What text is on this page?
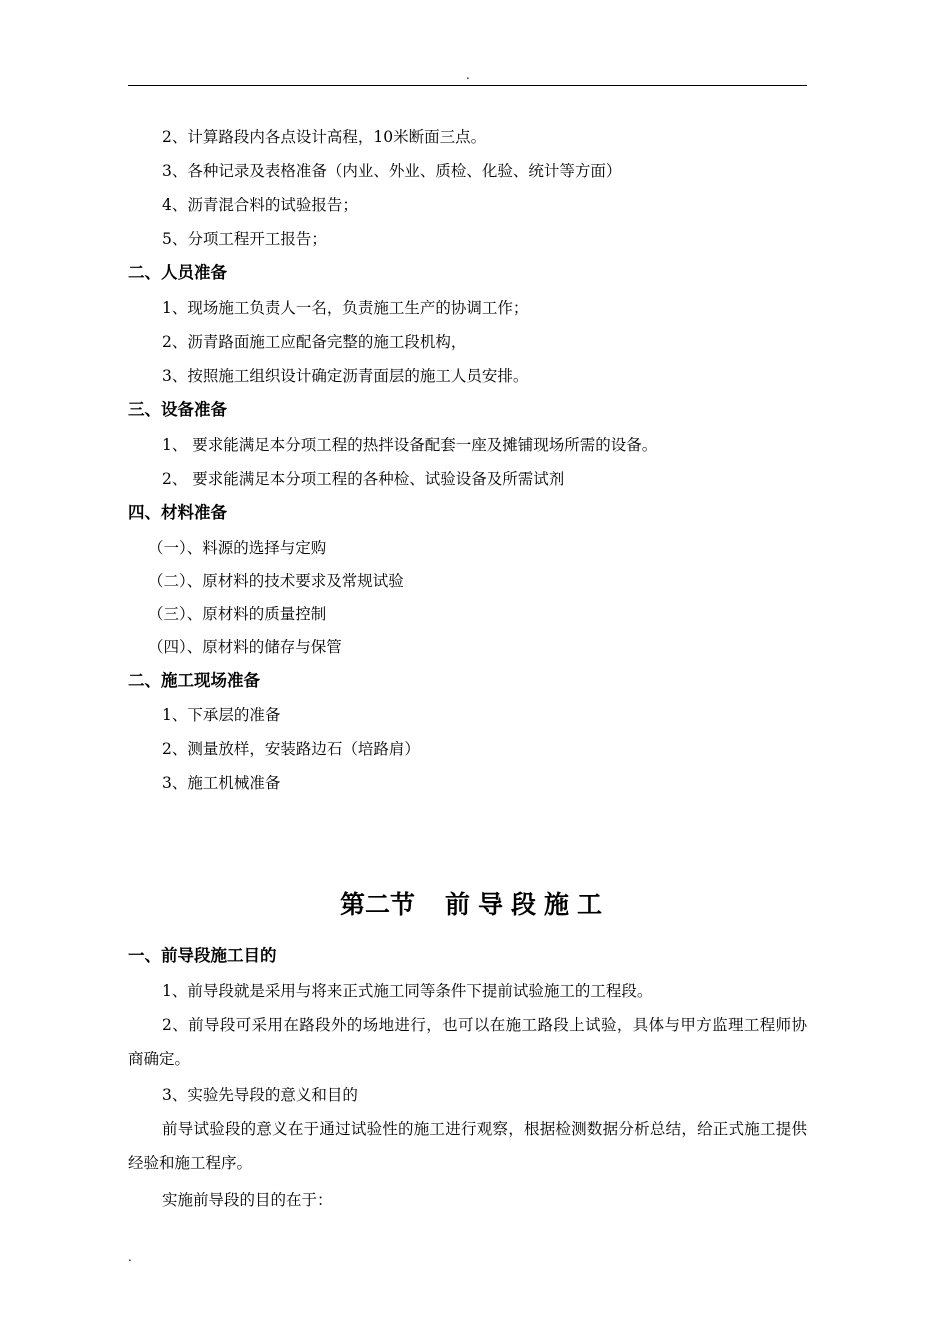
.
2、计算路段内各点设计高程，10米断面三点。
3、各种记录及表格准备（内业、外业、质检、化验、统计等方面）
4、沥青混合料的试验报告；
5、分项工程开工报告；
二、人员准备
1、现场施工负责人一名，负责施工生产的协调工作；
2、沥青路面施工应配备完整的施工段机构，
3、按照施工组织设计确定沥青面层的施工人员安排。
三、设备准备
1、 要求能满足本分项工程的热拌设备配套一座及摊铺现场所需的设备。
2、 要求能满足本分项工程的各种检、试验设备及所需试剂
四、材料准备
（一）、料源的选择与定购
（二）、原材料的技术要求及常规试验
（三）、原材料的质量控制
（四）、原材料的储存与保管
二、施工现场准备
1、下承层的准备
2、测量放样，安装路边石（培路肩）
3、施工机械准备
第二节 前导段施工
一、前导段施工目的
1、前导段就是采用与将来正式施工同等条件下提前试验施工的工程段。
2、前导段可采用在路段外的场地进行，也可以在施工路段上试验，具体与甲方监理工程师协商确定。
3、实验先导段的意义和目的
前导试验段的意义在于通过试验性的施工进行观察，根据检测数据分析总结，给正式施工提供经验和施工程序。
实施前导段的目的在于：
.
